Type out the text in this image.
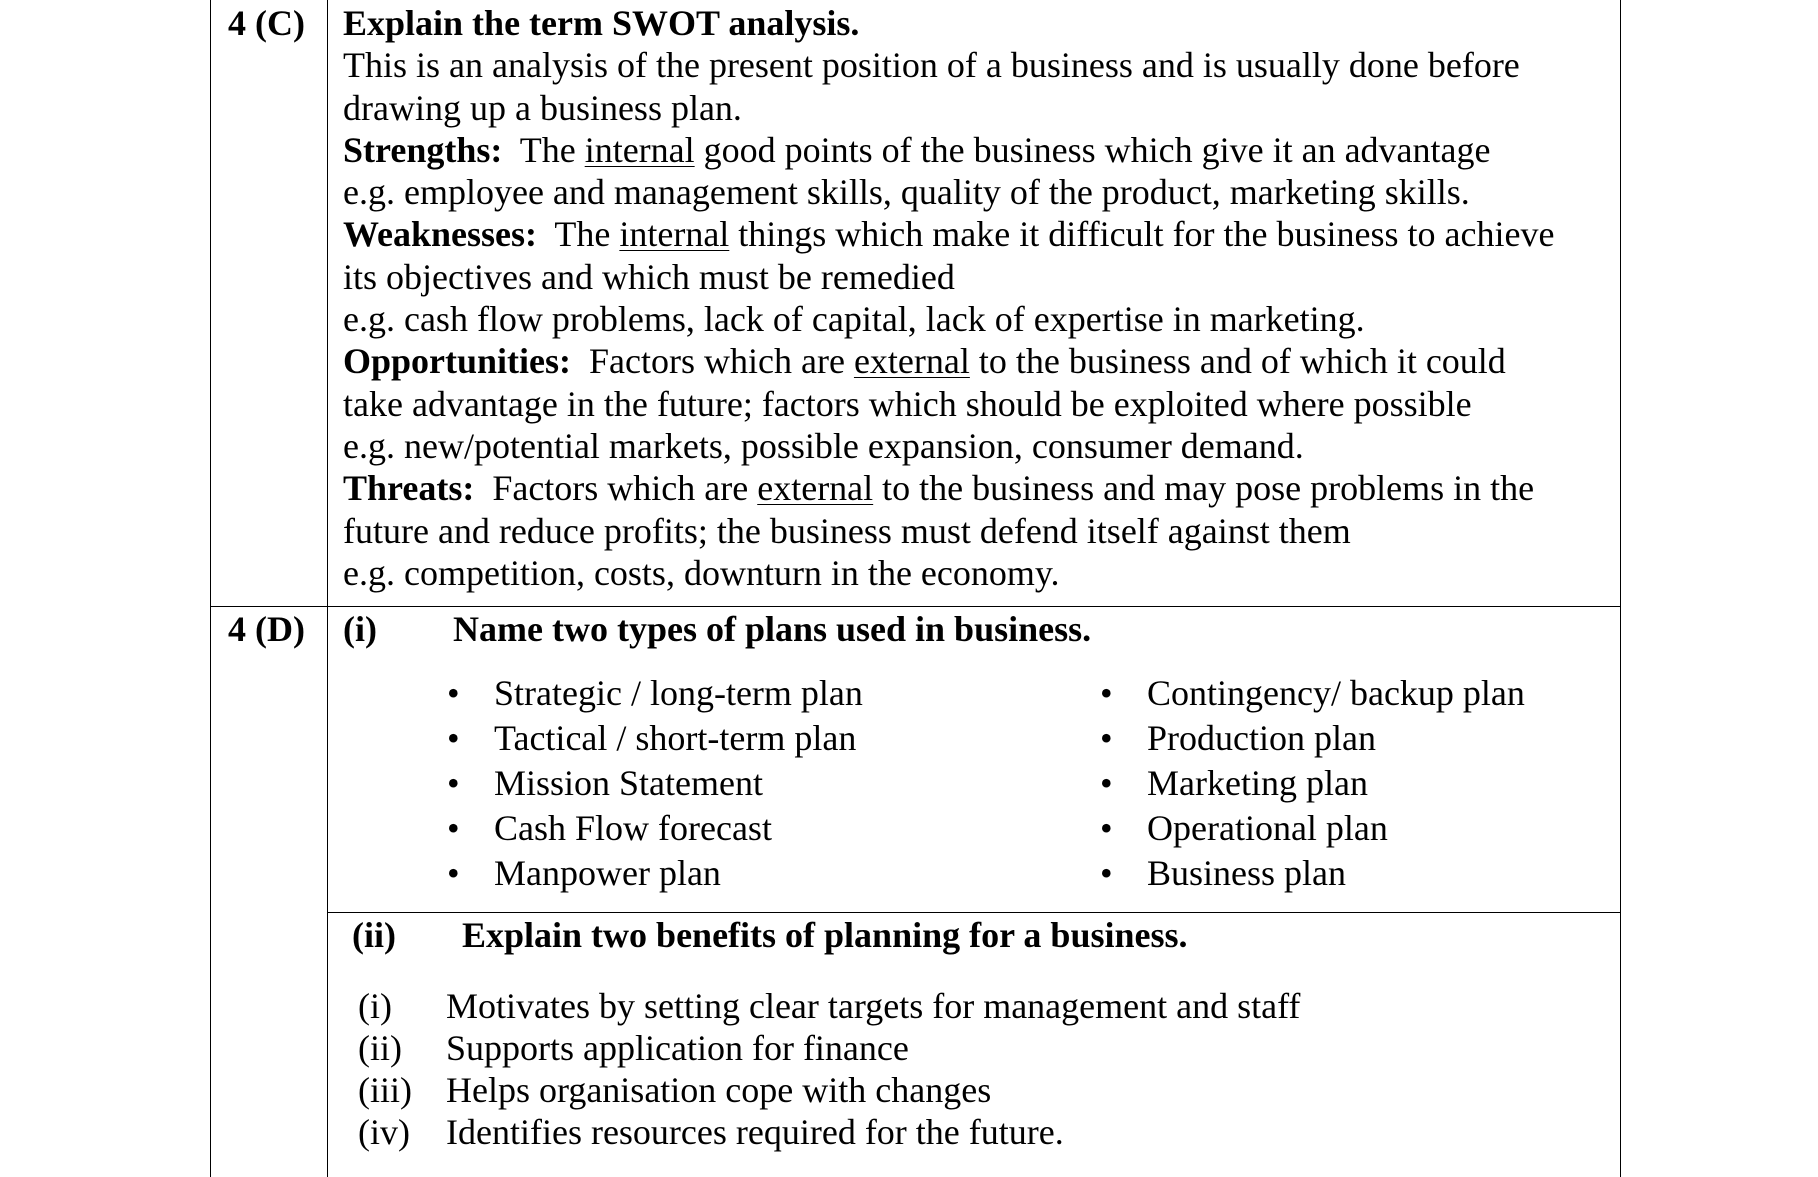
4 (C) Explain the term SWOT analysis.
This is an analysis of the present position of a business and is usually done before
drawing up a business plan.
Strengths: The internal good points of the business which give it an advantage
e.g. employee and management skills, quality of the product, marketing skills.
Weaknesses: The internal things which make it difficult for the business to achieve
its objectives and which must be remedied
e.g. cash flow problems, lack of capital, lack of expertise in marketing.
Opportunities: Factors which are external to the business and of which it could
take advantage in the future; factors which should be exploited where possible
e.g. new/potential markets, possible expansion, consumer demand.
Threats: Factors which are external to the business and may pose problems in the
future and reduce profits; the business must defend itself against them
e.g. competition, costs, downturn in the economy.
4 (D) (i) Name two types of plans used in business.
• Strategic / long-term plan
• Tactical / short-term plan
• Mission Statement
• Cash Flow forecast
• Manpower plan
• Contingency/ backup plan
• Production plan
• Marketing plan
• Operational plan
• Business plan
(ii) Explain two benefits of planning for a business.
(i) Motivates by setting clear targets for management and staff
(ii) Supports application for finance
(iii) Helps organisation cope with changes
(iv) Identifies resources required for the future.
